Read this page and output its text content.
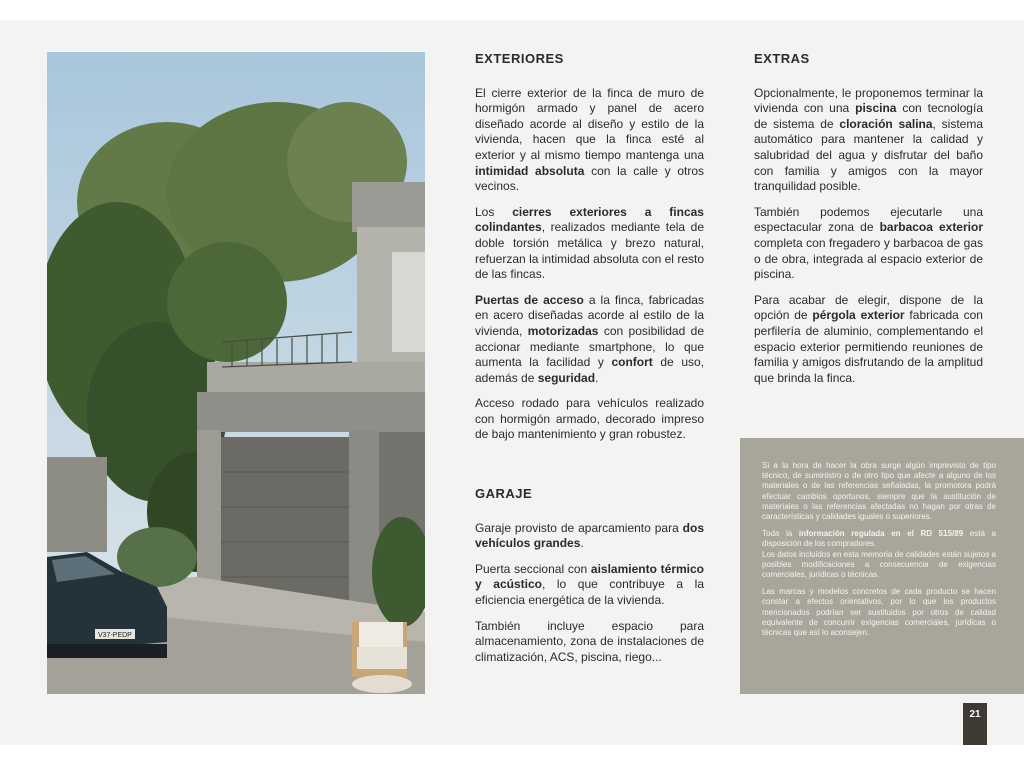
V37-PEDP
EXTERIORES

El cierre exterior de la finca de muro de hormigón armado y panel de acero diseñado acorde al diseño y estilo de la vivienda, hacen que la finca esté al exterior y al mismo tiempo mantenga una intimidad absoluta con la calle y otros vecinos.

Los cierres exteriores a fincas colindantes, realizados mediante tela de doble torsión metálica y brezo natural, refuerzan la intimidad absoluta con el resto de las fincas.

Puertas de acceso a la finca, fabricadas en acero diseñadas acorde al estilo de la vivienda, motorizadas con posibilidad de accionar mediante smartphone, lo que aumenta la facilidad y confort de uso, además de seguridad.

Acceso rodado para vehículos realizado con hormigón armado, decorado impreso de bajo mantenimiento y gran robustez.

GARAJE

Garaje provisto de aparcamiento para dos vehículos grandes.

Puerta seccional con aislamiento térmico y acústico, lo que contribuye a la eficiencia energética de la vivienda.

También incluye espacio para almacenamiento, zona de instalaciones de climatización, ACS, piscina, riego...

EXTRAS

Opcionalmente, le proponemos terminar la vivienda con una piscina con tecnología de sistema de cloración salina, sistema automático para mantener la calidad y salubridad del agua y disfrutar del baño con familia y amigos con la mayor tranquilidad posible.

También podemos ejecutarle una espectacular zona de barbacoa exterior completa con fregadero y barbacoa de gas o de obra, integrada al espacio exterior de piscina.

Para acabar de elegir, dispone de la opción de pérgola exterior fabricada con perfilería de aluminio, complementando el espacio exterior permitiendo reuniones de familia y amigos disfrutando de la amplitud que brinda la finca.

Si a la hora de hacer la obra surge algún imprevisto de tipo técnico, de suministro o de otro tipo que afecte a alguno de los materiales o de las referencias señaladas, la promotora podrá efectuar cambios oportunos, siempre que la sustitución de materiales o las referencias afectadas no hagan por otras de características y calidades iguales o superiores.

Toda la información regulada en el RD 515/89 está a disposición de los compradores.
Los datos incluidos en esta memoria de calidades están sujetos a posibles modificaciones a consecuencia de exigencias comerciales, jurídicas o técnicas.

Las marcas y modelos concretos de cada producto se hacen constar a efectos orientativos, por lo que los productos mencionados podrían ser sustituidos por otros de calidad equivalente de concurrir exigencias comerciales, jurídicas o técnicas que así lo aconsejen.

21
